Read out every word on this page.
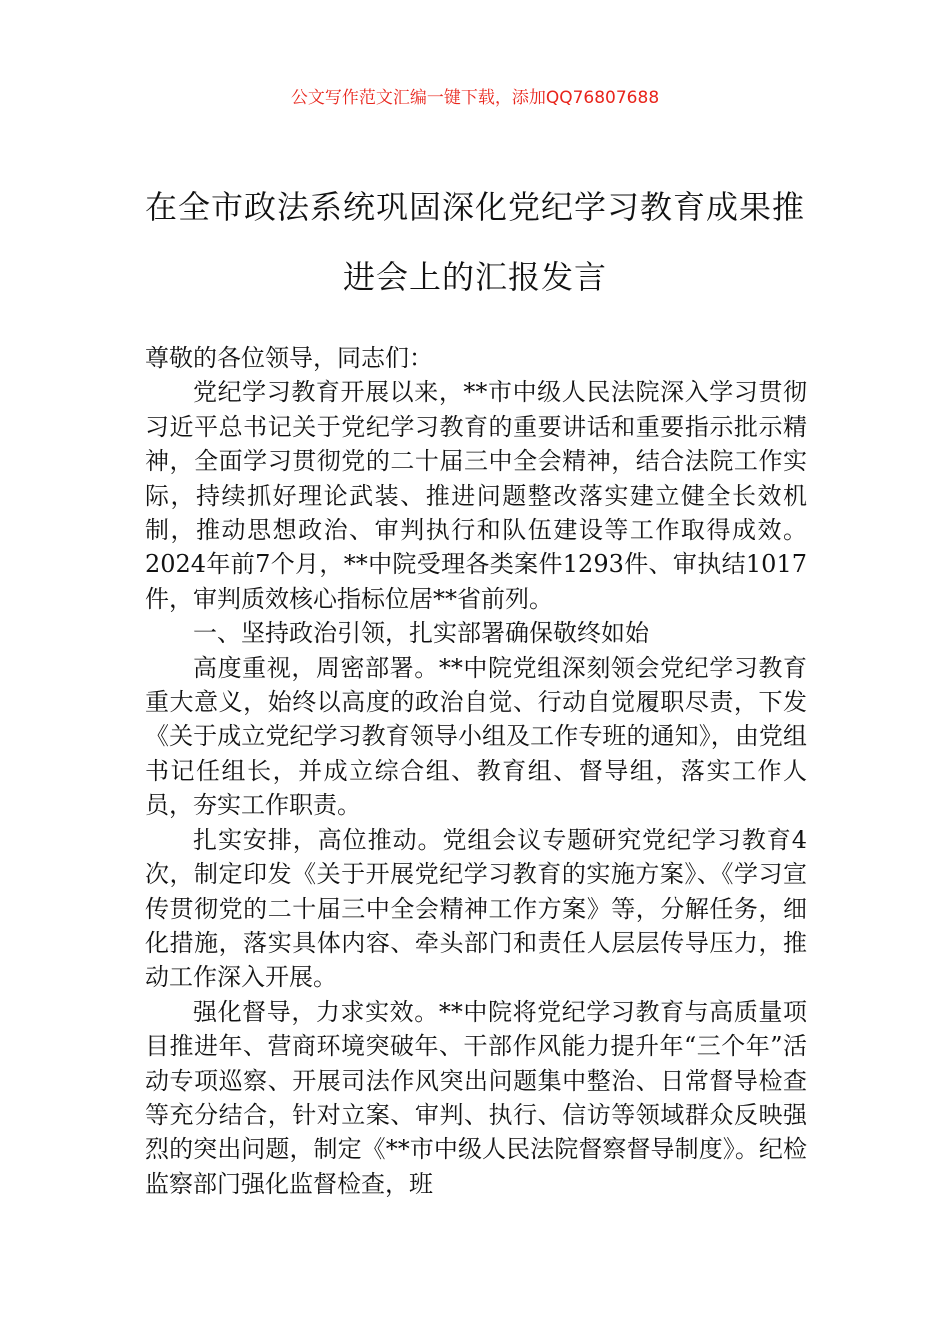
公文写作范文汇编一键下载，添加QQ76807688
在全市政法系统巩固深化党纪学习教育成果推进会上的汇报发言

尊敬的各位领导，同志们：

党纪学习教育开展以来，**市中级人民法院深入学习贯彻习近平总书记关于党纪学习教育的重要讲话和重要指示批示精神，全面学习贯彻党的二十届三中全会精神，结合法院工作实际，持续抓好理论武装、推进问题整改落实建立健全长效机制，推动思想政治、审判执行和队伍建设等工作取得成效。2024年前7个月，**中院受理各类案件1293件、审执结1017件，审判质效核心指标位居**省前列。

一、坚持政治引领，扎实部署确保敬终如始

高度重视，周密部署。**中院党组深刻领会党纪学习教育重大意义，始终以高度的政治自觉、行动自觉履职尽责，下发《关于成立党纪学习教育领导小组及工作专班的通知》，由党组书记任组长，并成立综合组、教育组、督导组，落实工作人员，夯实工作职责。

扎实安排，高位推动。党组会议专题研究党纪学习教育4次，制定印发《关于开展党纪学习教育的实施方案》、《学习宣传贯彻党的二十届三中全会精神工作方案》等，分解任务，细化措施，落实具体内容、牵头部门和责任人层层传导压力，推动工作深入开展。

强化督导，力求实效。**中院将党纪学习教育与高质量项目推进年、营商环境突破年、干部作风能力提升年“三个年”活动专项巡察、开展司法作风突出问题集中整治、日常督导检查等充分结合，针对立案、审判、执行、信访等领域群众反映强烈的突出问题，制定《**市中级人民法院督察督导制度》。纪检监察部门强化监督检查，班
